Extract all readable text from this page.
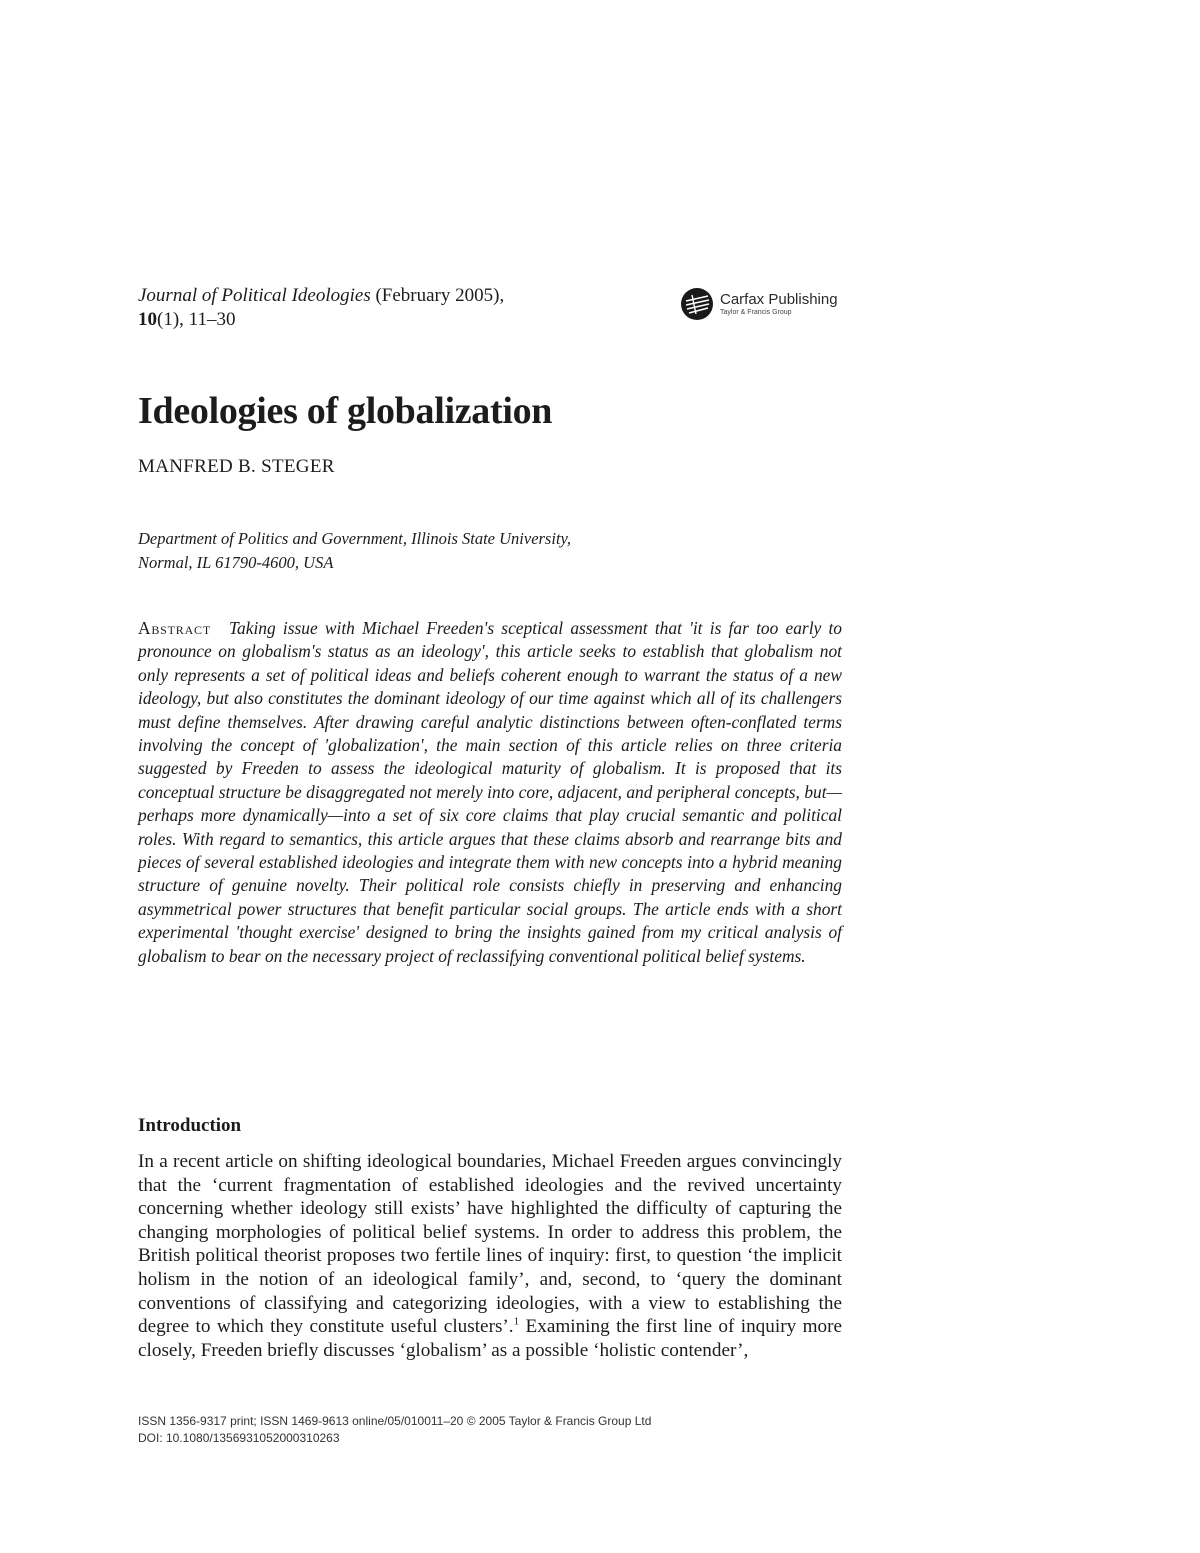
Journal of Political Ideologies (February 2005),
10(1), 11–30
Carfax Publishing
Taylor & Francis Group
Ideologies of globalization
MANFRED B. STEGER
Department of Politics and Government, Illinois State University,
Normal, IL 61790-4600, USA

Abstract Taking issue with Michael Freeden's sceptical assessment that 'it is far too early to pronounce on globalism's status as an ideology', this article seeks to establish that globalism not only represents a set of political ideas and beliefs coherent enough to warrant the status of a new ideology, but also constitutes the dominant ideology of our time against which all of its challengers must define themselves. After drawing careful analytic distinctions between often-conflated terms involving the concept of 'globalization', the main section of this article relies on three criteria suggested by Freeden to assess the ideological maturity of globalism. It is proposed that its conceptual structure be disaggregated not merely into core, adjacent, and peripheral concepts, but—perhaps more dynamically—into a set of six core claims that play crucial semantic and political roles. With regard to semantics, this article argues that these claims absorb and rearrange bits and pieces of several established ideologies and integrate them with new concepts into a hybrid meaning structure of genuine novelty. Their political role consists chiefly in preserving and enhancing asymmetrical power structures that benefit particular social groups. The article ends with a short experimental 'thought exercise' designed to bring the insights gained from my critical analysis of globalism to bear on the necessary project of reclassifying conventional political belief systems.

Introduction

In a recent article on shifting ideological boundaries, Michael Freeden argues convincingly that the ‘current fragmentation of established ideologies and the revived uncertainty concerning whether ideology still exists’ have highlighted the difficulty of capturing the changing morphologies of political belief systems. In order to address this problem, the British political theorist proposes two fertile lines of inquiry: first, to question ‘the implicit holism in the notion of an ideological family’, and, second, to ‘query the dominant conventions of classifying and categorizing ideologies, with a view to establishing the degree to which they constitute useful clusters’.$^1$ Examining the first line of inquiry more closely, Freeden briefly discusses ‘globalism’ as a possible ‘holistic contender’,

ISSN 1356-9317 print; ISSN 1469-9613 online/05/010011–20 © 2005 Taylor & Francis Group Ltd
DOI: 10.1080/1356931052000310263
